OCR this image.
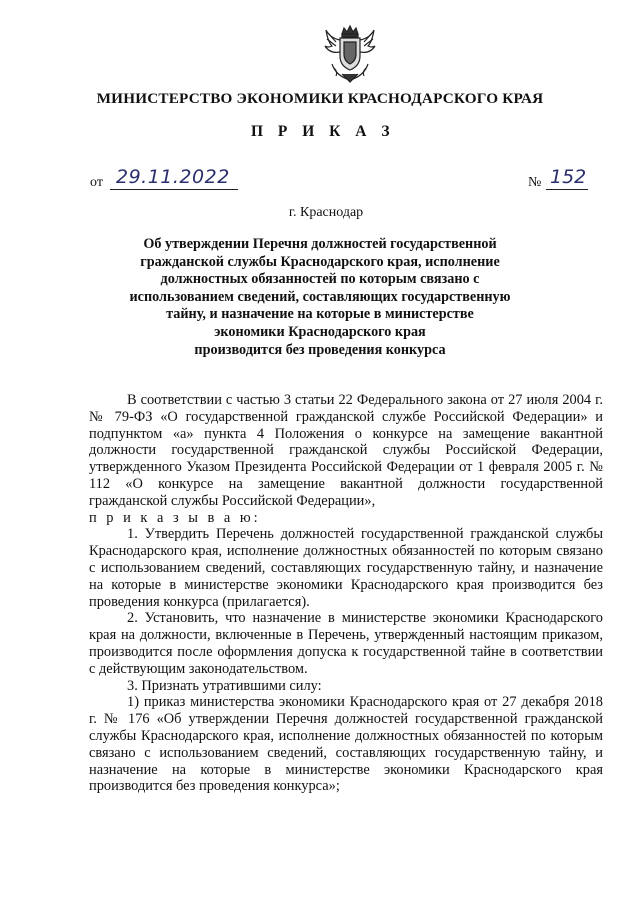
МИНИСТЕРСТВО ЭКОНОМИКИ КРАСНОДАРСКОГО КРАЯ
П Р И К А З
от 29.11.2022	№ 152
г. Краснодар
Об утверждении Перечня должностей государственной
гражданской службы Краснодарского края, исполнение
должностных обязанностей по которым связано с
использованием сведений, составляющих государственную
тайну, и назначение на которые в министерстве
экономики Краснодарского края
производится без проведения конкурса

В соответствии с частью 3 статьи 22 Федерального закона от 27 июля 2004 г. № 79-ФЗ «О государственной гражданской службе Российской Федерации» и подпунктом «а» пункта 4 Положения о конкурсе на замещение вакантной должности государственной гражданской службы Российской Федерации, утвержденного Указом Президента Российской Федерации от 1 февраля 2005 г. № 112 «О конкурсе на замещение вакантной должности государственной гражданской службы Российской Федерации»,

п р и к а з ы в а ю:

1. Утвердить Перечень должностей государственной гражданской службы Краснодарского края, исполнение должностных обязанностей по которым связано с использованием сведений, составляющих государственную тайну, и назначение на которые в министерстве экономики Краснодарского края производится без проведения конкурса (прилагается).

2. Установить, что назначение в министерстве экономики Краснодарского края на должности, включенные в Перечень, утвержденный настоящим приказом, производится после оформления допуска к государственной тайне в соответствии с действующим законодательством.

3. Признать утратившими силу:

1) приказ министерства экономики Краснодарского края от 27 декабря 2018 г. № 176 «Об утверждении Перечня должностей государственной гражданской службы Краснодарского края, исполнение должностных обязанностей по которым связано с использованием сведений, составляющих государственную тайну, и назначение на которые в министерстве экономики Краснодарского края производится без проведения конкурса»;
